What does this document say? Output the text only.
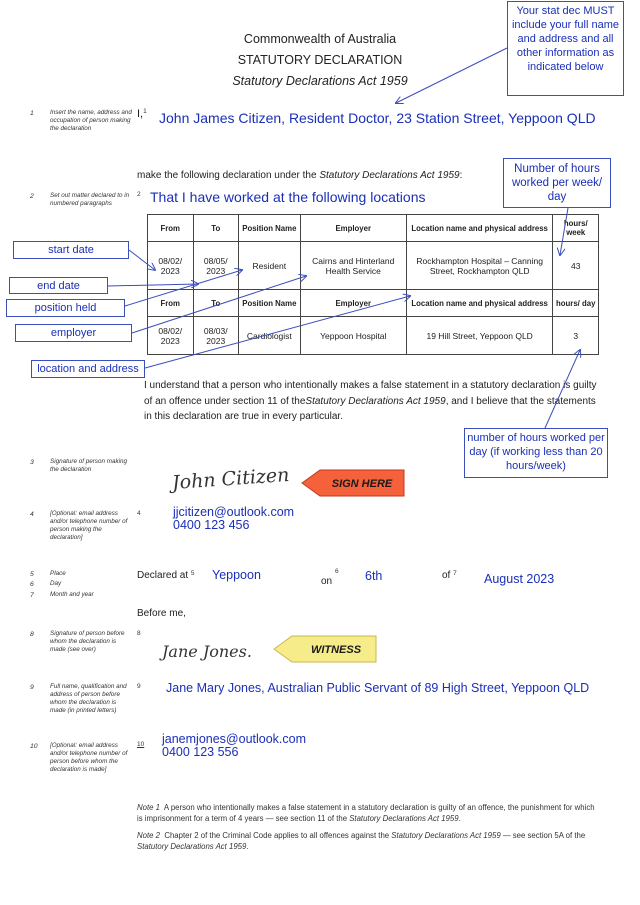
Commonwealth of Australia
STATUTORY DECLARATION
Statutory Declarations Act 1959
1	Insert the name, address and occupation of person making the declaration
2	Set out matter declared to in numbered paragraphs
3	Signature of person making the declaration
4	[Optional: email address and/or telephone number of person making the declaration]
5	Place
6	Day
7	Month and year
8	Signature of person before whom the declaration is made (see over)
9	Full name, qualification and address of person before whom the declaration is made (in printed letters)
10 [Optional: email address and/or telephone number of person before whom the declaration is made]
I,$^1$ John James Citizen, Resident Doctor, 23 Station Street, Yeppoon QLD
make the following declaration under the Statutory Declarations Act 1959:
2 That I have worked at the following locations
From	To	Position Name	Employer	Location name and physical address	hours/ week
08/02/ 2023	08/05/ 2023	Resident	Cairns and Hinterland Health Service	Rockhampton Hospital – Canning Street, Rockhampton QLD	43
From	To	Position Name	Employer	Location name and physical address	hours/ day
08/02/ 2023	08/03/ 2023	Cardiologist	Yeppoon Hospital	19 Hill Street, Yeppoon QLD	3
I understand that a person who intentionally makes a false statement in a statutory declaration is guilty of an offence under section 11 of theStatutory Declarations Act 1959, and I believe that the statements in this declaration are true in every particular.
John Citizen	SIGN HERE
4	jjcitizen@outlook.com
0400 123 456
Declared at $^5$ Yeppoon	on
6 6th	of $^7$ August 2023
Before me,
8
Jane Jones.	WITNESS
9 Jane Mary Jones, Australian Public Servant of 89 High Street, Yeppoon QLD
10 janemjones@outlook.com
0400 123 556
Note 1 A person who intentionally makes a false statement in a statutory declaration is guilty of an offence, the punishment for which is imprisonment for a term of 4 years — see section 11 of the Statutory Declarations Act 1959.
Note 2 Chapter 2 of the Criminal Code applies to all offences against the Statutory Declarations Act 1959 — see section 5A of the Statutory Declarations Act 1959.
Your stat dec MUST include your full name and address and all other information as indicated below
Number of hours worked per week/ day
start date
end date
position held
employer
location and address
number of hours worked per day (if working less than 20 hours/week)
